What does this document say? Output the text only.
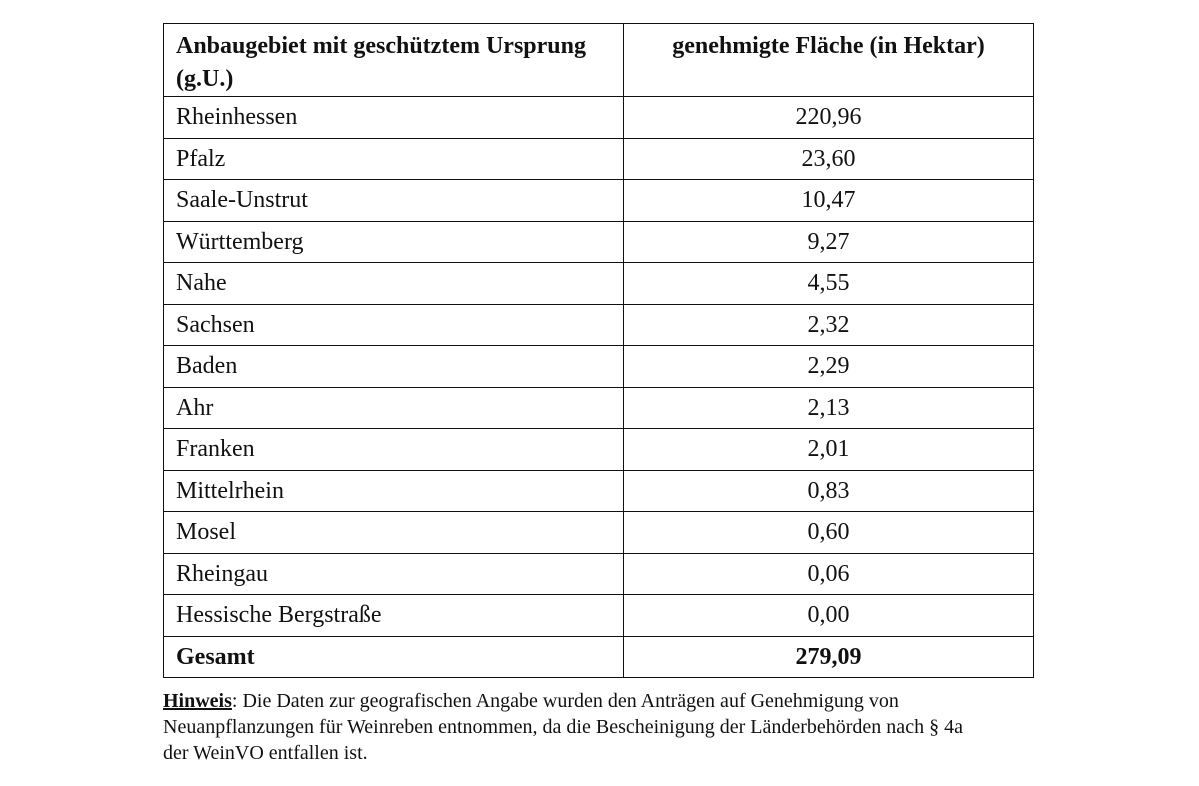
Anbaugebiet mit geschütztem Ursprung (g.U.)	genehmigte Fläche (in Hektar)
Rheinhessen	220,96
Pfalz	23,60
Saale-Unstrut	10,47
Württemberg	9,27
Nahe	4,55
Sachsen	2,32
Baden	2,29
Ahr	2,13
Franken	2,01
Mittelrhein	0,83
Mosel	0,60
Rheingau	0,06
Hessische Bergstraße	0,00
Gesamt	279,09

Hinweis: Die Daten zur geografischen Angabe wurden den Anträgen auf Genehmigung von Neuanpflanzungen für Weinreben entnommen, da die Bescheinigung der Länderbehörden nach § 4a der WeinVO entfallen ist.
